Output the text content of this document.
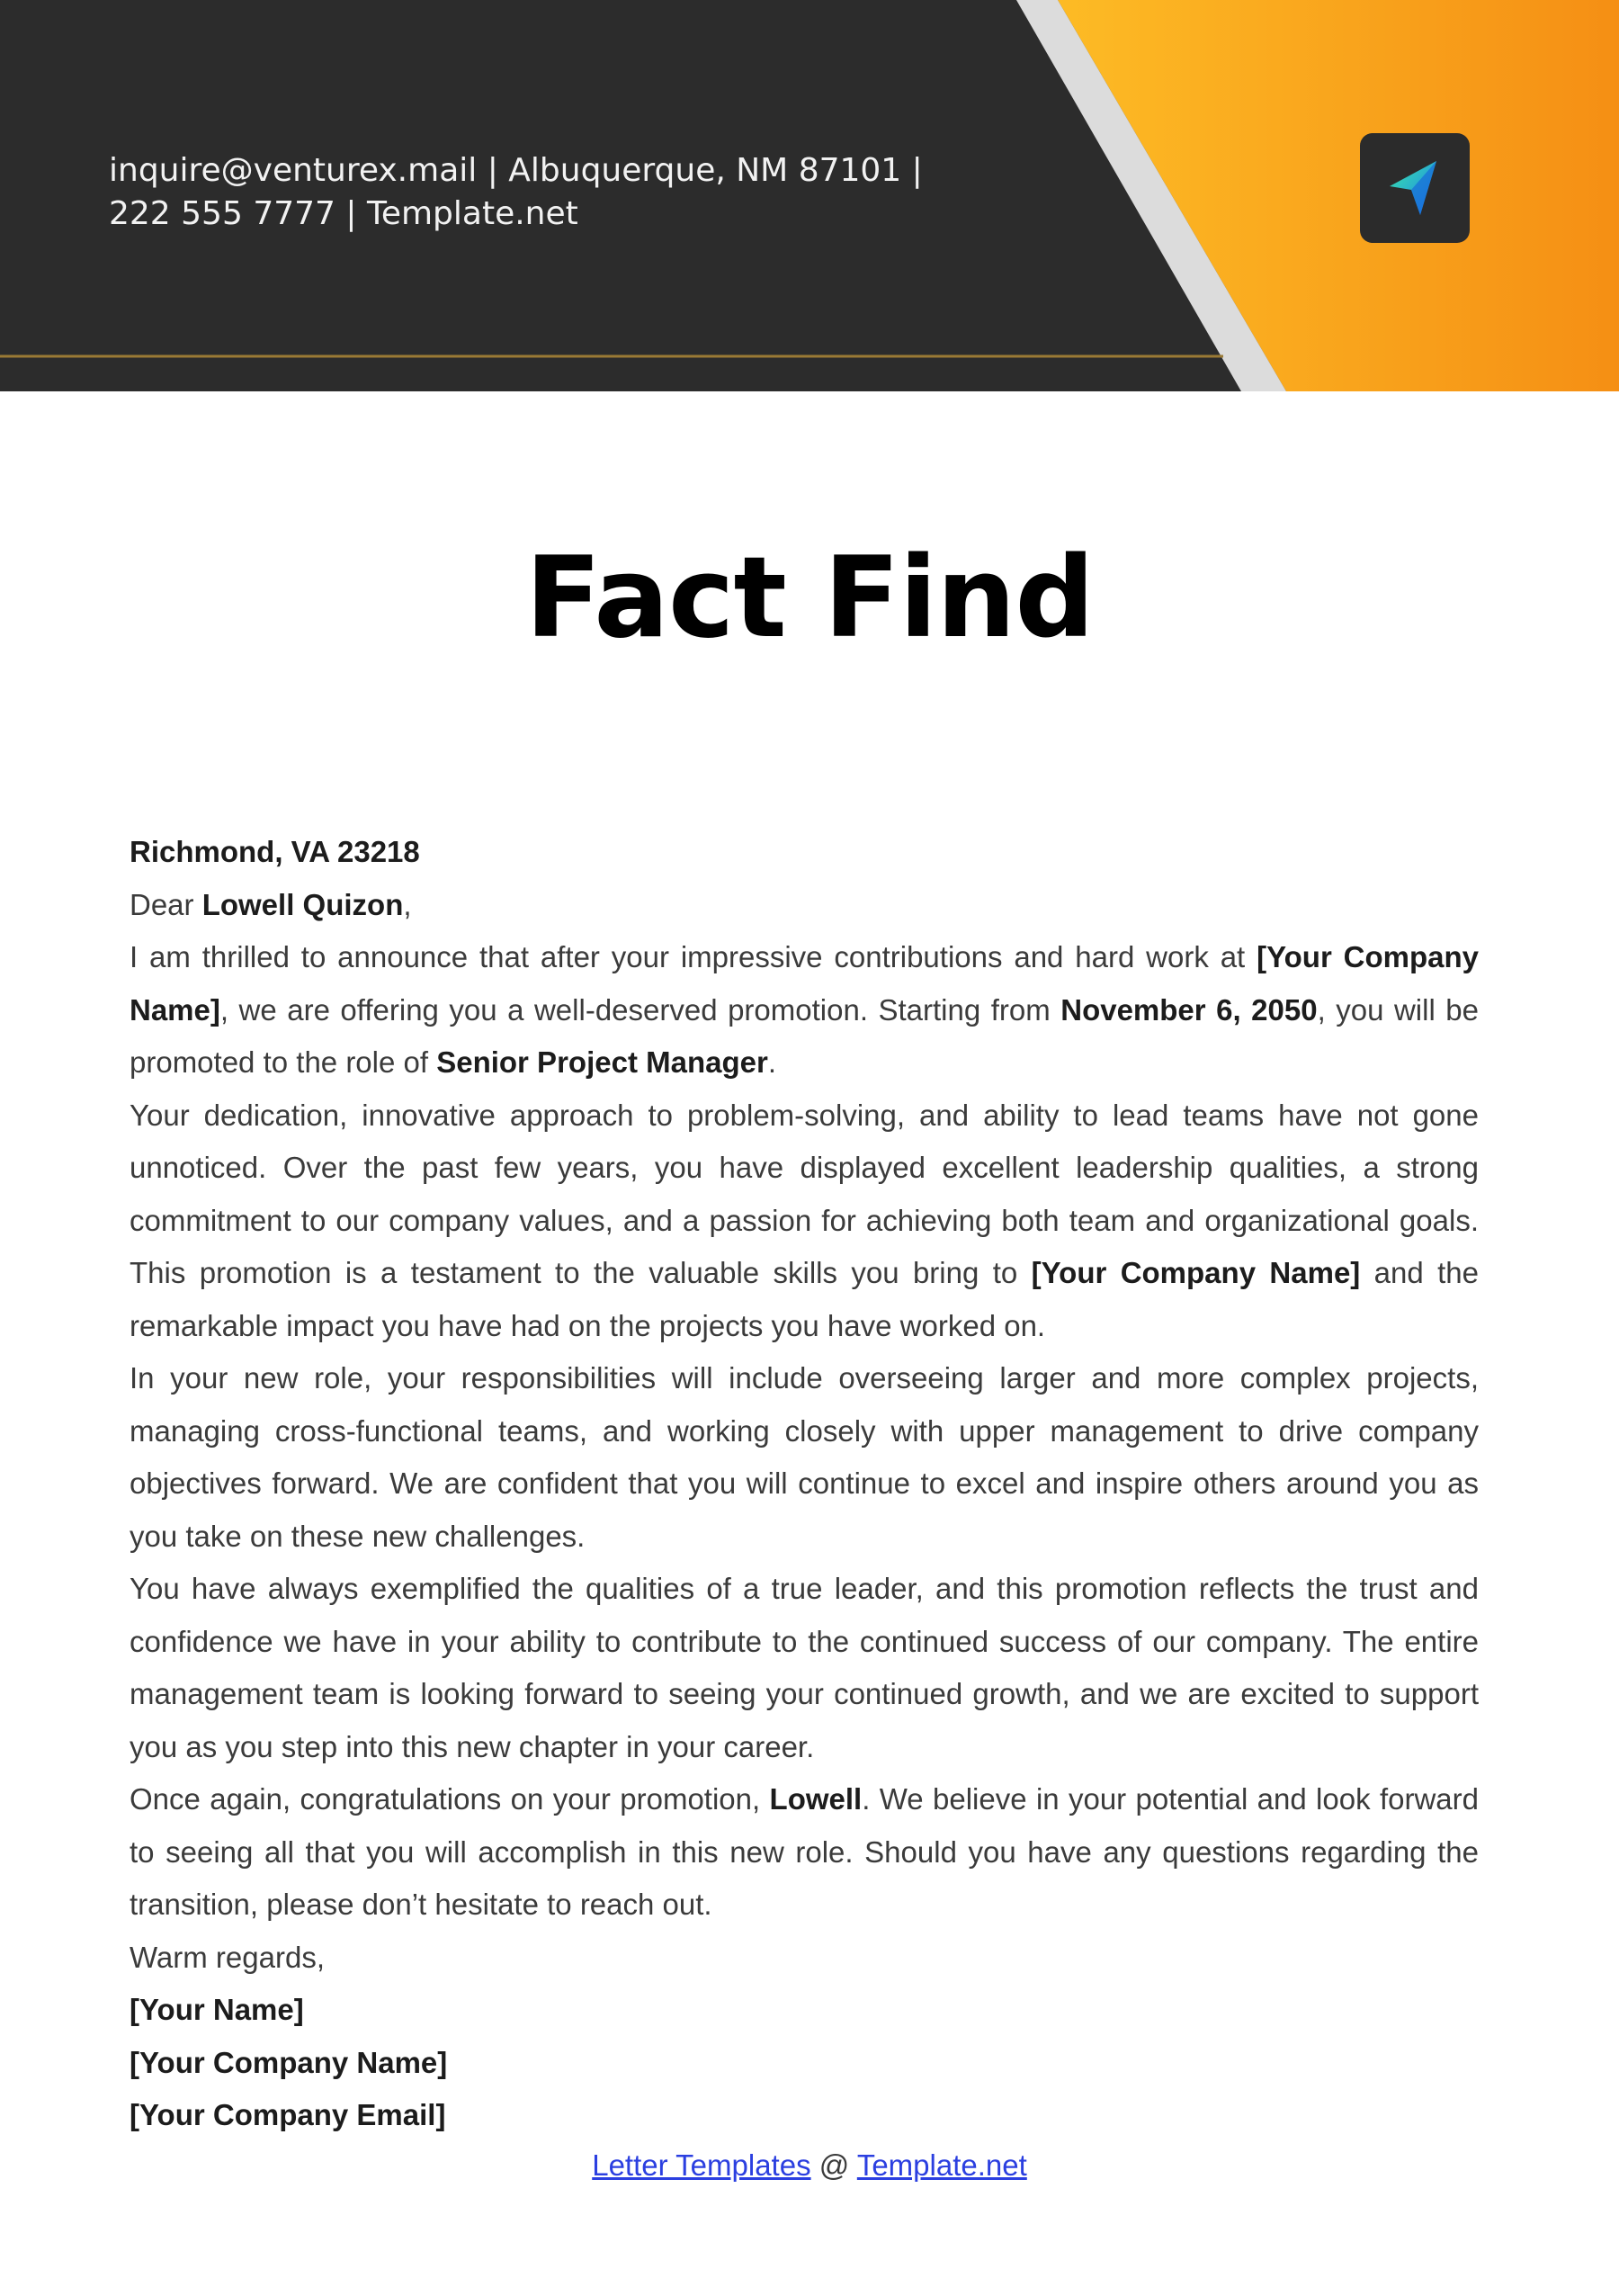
inquire@venturex.mail | Albuquerque, NM 87101 |
222 555 7777 | Template.net
Fact Find

Richmond, VA 23218

Dear Lowell Quizon,

I am thrilled to announce that after your impressive contributions and hard work at [Your Company Name], we are offering you a well-deserved promotion. Starting from November 6, 2050, you will be promoted to the role of Senior Project Manager.

Your dedication, innovative approach to problem-solving, and ability to lead teams have not gone unnoticed. Over the past few years, you have displayed excellent leadership qualities, a strong commitment to our company values, and a passion for achieving both team and organizational goals. This promotion is a testament to the valuable skills you bring to [Your Company Name] and the remarkable impact you have had on the projects you have worked on.

In your new role, your responsibilities will include overseeing larger and more complex projects, managing cross-functional teams, and working closely with upper management to drive company objectives forward. We are confident that you will continue to excel and inspire others around you as you take on these new challenges.

You have always exemplified the qualities of a true leader, and this promotion reflects the trust and confidence we have in your ability to contribute to the continued success of our company. The entire management team is looking forward to seeing your continued growth, and we are excited to support you as you step into this new chapter in your career.

Once again, congratulations on your promotion, Lowell. We believe in your potential and look forward to seeing all that you will accomplish in this new role. Should you have any questions regarding the transition, please don’t hesitate to reach out.

Warm regards,

[Your Name]

[Your Company Name]

[Your Company Email]

Letter Templates @ Template.net
